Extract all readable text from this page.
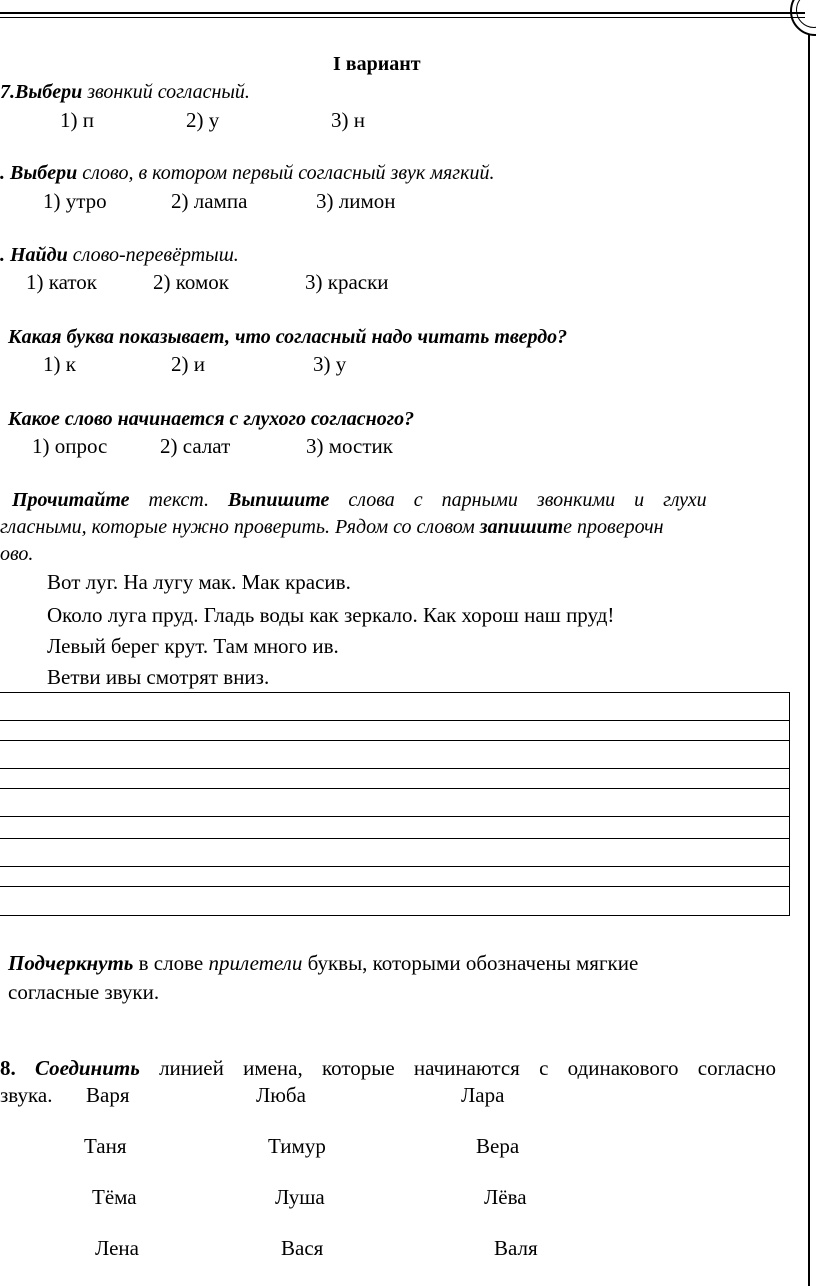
I вариант
7.Выбери звонкий согласный.
1) п	2) у	3) н
. Выбери слово, в котором первый согласный звук мягкий.
1) утро	2) лампа	3) лимон
. Найди слово-перевёртыш.
1) каток	2) комок	3) краски
Какая буква показывает, что согласный надо читать твердо?
1) к	2) и	3) у
Какое слово начинается с глухого согласного?
1) опрос	2) салат	3) мостик
Прочитайте текст. Выпишите слова с парными звонкими и глухи
гласными, которые нужно проверить. Рядом со словом запишите проверочн
ово.
Вот луг. На лугу мак. Мак красив.
Около луга пруд. Гладь воды как зеркало. Как хорош наш пруд!
Левый берег крут. Там много ив.
Ветви ивы смотрят вниз.
Подчеркнуть в слове прилетели буквы, которыми обозначены мягкие
согласные звуки.
8. Соединить линией имена, которые начинаются с одинакового согласно
звука. Варя	Люба	Лара
Таня	Тимур	Вера
Тёма	Луша	Лёва
Лена	Вася	Валя
